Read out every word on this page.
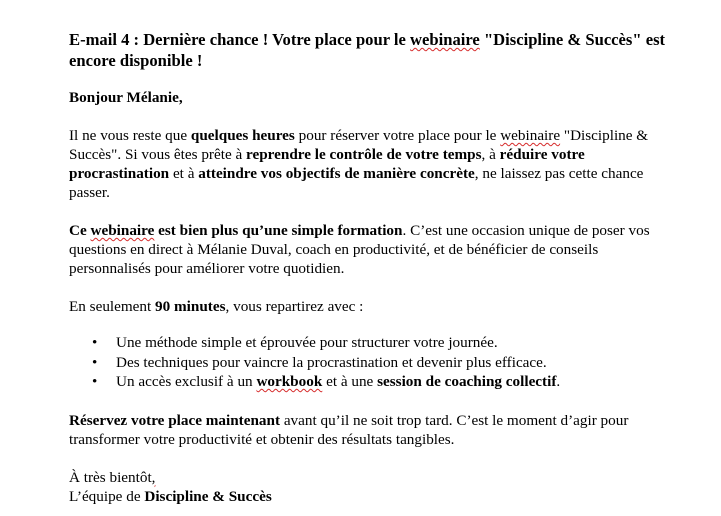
E-mail 4 : Dernière chance ! Votre place pour le webinaire "Discipline & Succès" est encore disponible !

Bonjour Mélanie,

Il ne vous reste que quelques heures pour réserver votre place pour le webinaire "Discipline & Succès". Si vous êtes prête à reprendre le contrôle de votre temps, à réduire votre procrastination et à atteindre vos objectifs de manière concrète, ne laissez pas cette chance passer.

Ce webinaire est bien plus qu’une simple formation. C’est une occasion unique de poser vos questions en direct à Mélanie Duval, coach en productivité, et de bénéficier de conseils personnalisés pour améliorer votre quotidien.

En seulement 90 minutes, vous repartirez avec :

• Une méthode simple et éprouvée pour structurer votre journée.
• Des techniques pour vaincre la procrastination et devenir plus efficace.
• Un accès exclusif à un workbook et à une session de coaching collectif.

Réservez votre place maintenant avant qu’il ne soit trop tard. C’est le moment d’agir pour transformer votre productivité et obtenir des résultats tangibles.

À très bientôt,
L’équipe de Discipline & Succès
